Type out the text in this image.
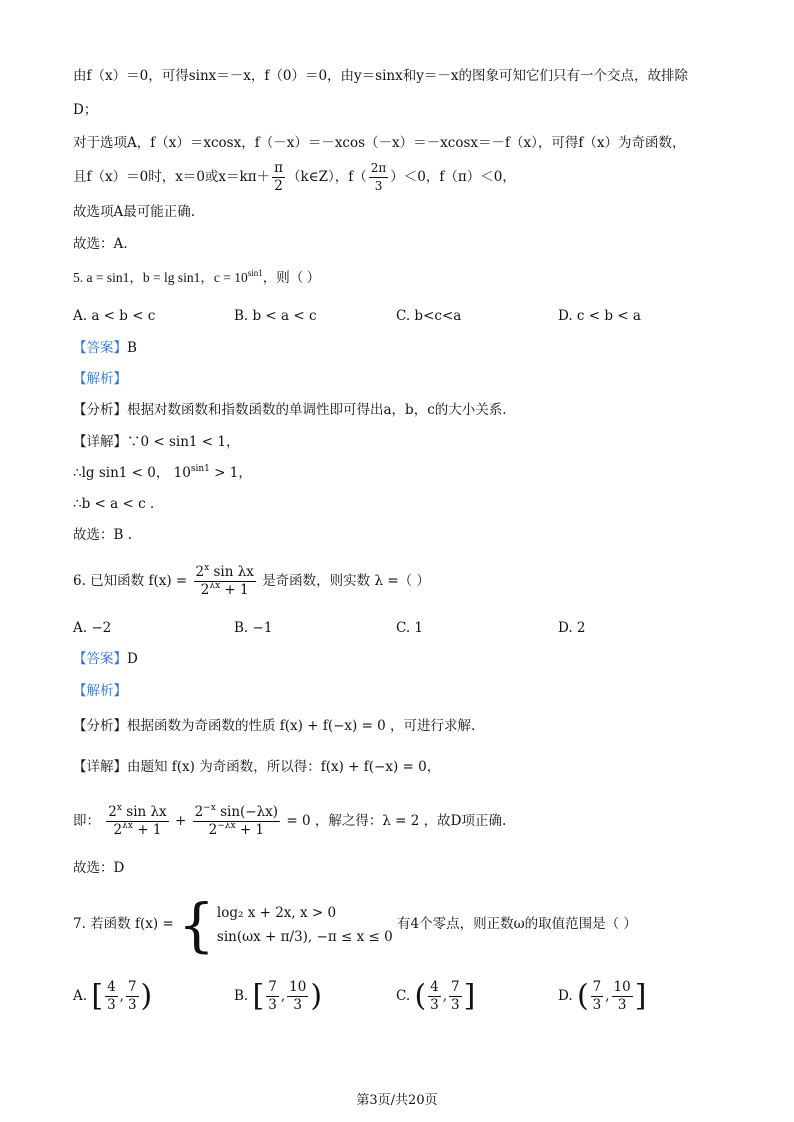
由f（x）＝0，可得sinx＝－x，f（0）＝0，由y＝sinx和y＝－x的图象可知它们只有一个交点，故排除
D；
对于选项A，f（x）＝xcosx，f（－x）＝－xcos（－x）＝－xcosx＝－f（x），可得f（x）为奇函数，
且f（x）＝0时，x＝0或$x=k\pi+ \frac{\pi}{2}$ （k∈Z），$f( \frac{2\pi}{3} )<0$，f（π）＜0，
故选项A最可能正确.
故选：A.
5. a = sin1，b = lg sin1，$c = 10^{sin1}$，则（ ）
A. a < b < c	B. b < a < c	C. b<c<a	D. c < b < a
【答案】B
【解析】
【分析】根据对数函数和指数函数的单调性即可得出a，b，c的大小关系.
【详解】∵0 < sin1 < 1，
∴lg sin1 < 0， $10^{sin1} > 1$，
∴b < a < c .
故选：B .
6. 已知函数 $f(x) = \frac{2^x \sin \lambda x}{2^{\lambda x} + 1}$ 是奇函数，则实数 λ =（ ）
A. −2	B. −1	C. 1	D. 2
【答案】D
【解析】
【分析】根据函数为奇函数的性质 f(x) + f(−x) = 0 ，可进行求解.
【详解】由题知 f(x) 为奇函数，所以得：f(x) + f(−x) = 0，
即： $\frac{2^x \sin \lambda x}{2^{\lambda x} + 1} + \frac{2^{-x} \sin(-\lambda x)}{2^{-\lambda x} + 1} = 0$ ，解之得：λ = 2 ，故D项正确.
故选：D
7. 若函数 f(x) = { log₂ x + 2x, x > 0
sin(ωx + π/3), −π ≤ x ≤ 0
有4个零点，则正数ω的取值范围是（ ）
A. [ $\frac{4}{3}$ , $\frac{7}{3}$ )	B. [ $\frac{7}{3}$ , $\frac{10}{3}$ )	C. ( $\frac{4}{3}$ , $\frac{7}{3}$ ]	D. ( $\frac{7}{3}$ , $\frac{10}{3}$ ]
第3页/共20页
